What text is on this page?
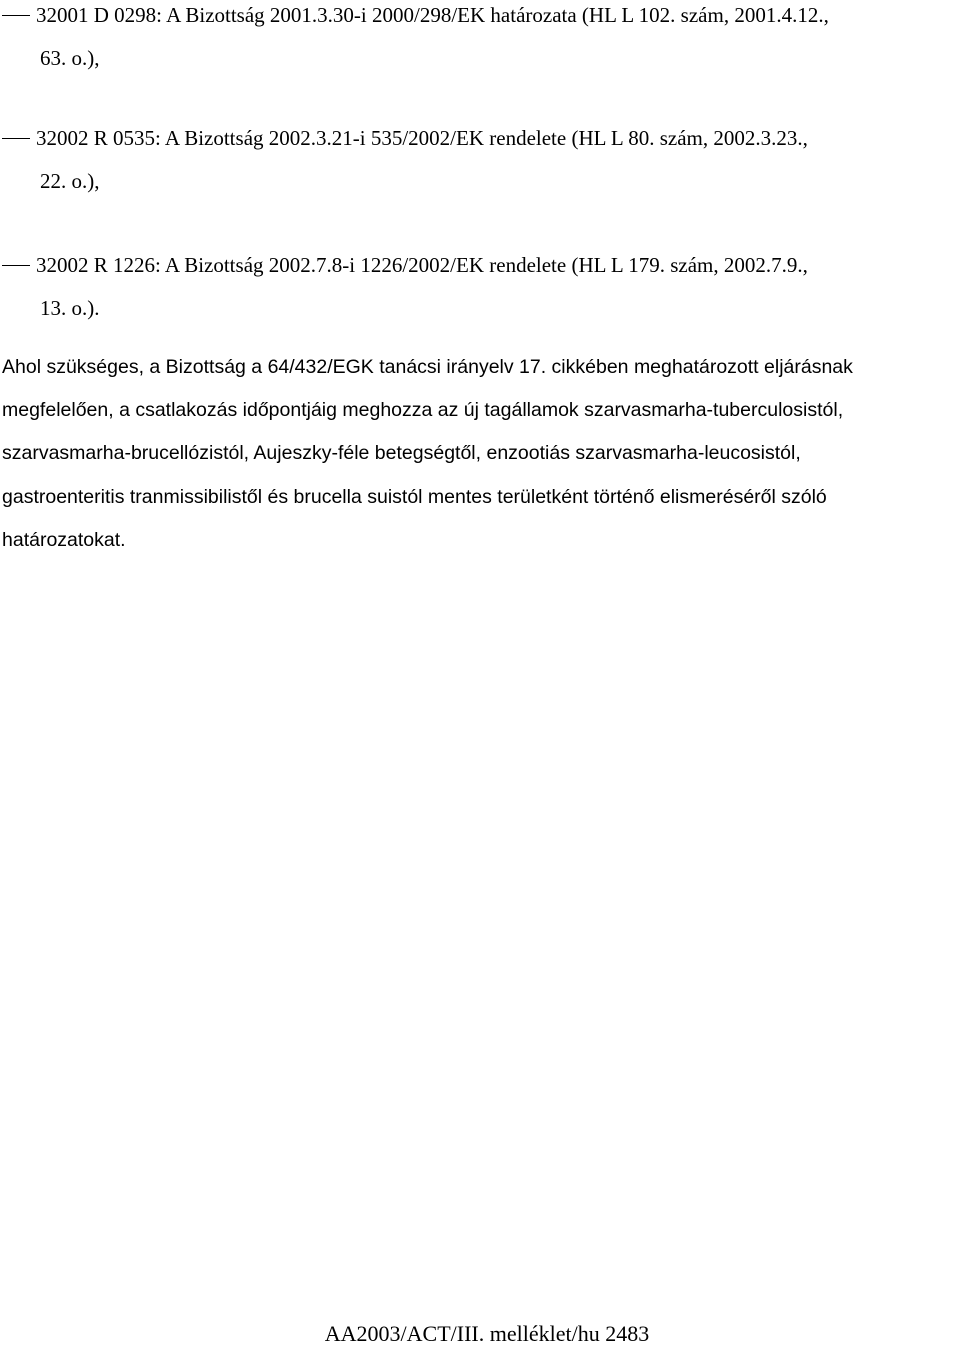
32001 D 0298: A Bizottság 2001.3.30-i 2000/298/EK határozata (HL L 102. szám, 2001.4.12.,
63. o.),
32002 R 0535: A Bizottság 2002.3.21-i 535/2002/EK rendelete (HL L 80. szám, 2002.3.23.,
22. o.),
32002 R 1226: A Bizottság 2002.7.8-i 1226/2002/EK rendelete (HL L 179. szám, 2002.7.9.,
13. o.).
Ahol szükséges, a Bizottság a 64/432/EGK tanácsi irányelv 17. cikkében meghatározott eljárásnak
megfelelően, a csatlakozás időpontjáig meghozza az új tagállamok szarvasmarha-tuberculosistól,
szarvasmarha-brucellózistól, Aujeszky-féle betegségtől, enzootiás szarvasmarha-leucosistól,
gastroenteritis tranmissibilistől és brucella suistól mentes területként történő elismeréséről szóló
határozatokat.
AA2003/ACT/III. melléklet/hu 2483
